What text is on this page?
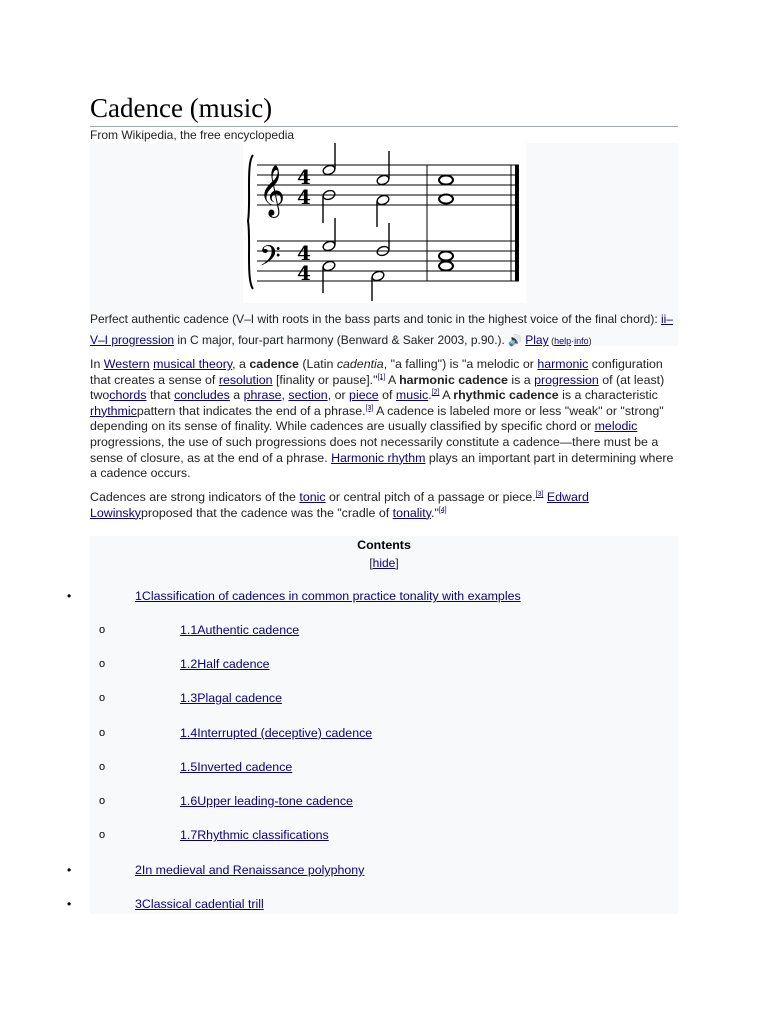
Cadence (music)
From Wikipedia, the free encyclopedia
𝄞
𝄢
4
4
4
4
Perfect authentic cadence (V–I with roots in the bass parts and tonic in the highest voice of the final chord): ii–V–I progression in C major, four-part harmony (Benward & Saker 2003, p.90.). 🔊 Play (help·info)
In Western musical theory, a cadence (Latin cadentia, "a falling") is "a melodic or harmonic configuration that creates a sense of resolution [finality or pause]."[1] A harmonic cadence is a progression of (at least) twochords that concludes a phrase, section, or piece of music.[2] A rhythmic cadence is a characteristic rhythmicpattern that indicates the end of a phrase.[3] A cadence is labeled more or less "weak" or "strong" depending on its sense of finality. While cadences are usually classified by specific chord or melodic progressions, the use of such progressions does not necessarily constitute a cadence—there must be a sense of closure, as at the end of a phrase. Harmonic rhythm plays an important part in determining where a cadence occurs.
Cadences are strong indicators of the tonic or central pitch of a passage or piece.[3] Edward Lowinskyproposed that the cadence was the "cradle of tonality."[4]
Contents
[hide]
•	1Classification of cadences in common practice tonality with examples
o	1.1Authentic cadence
o	1.2Half cadence
o	1.3Plagal cadence
o	1.4Interrupted (deceptive) cadence
o	1.5Inverted cadence
o	1.6Upper leading-tone cadence
o	1.7Rhythmic classifications
•	2In medieval and Renaissance polyphony
•	3Classical cadential trill
